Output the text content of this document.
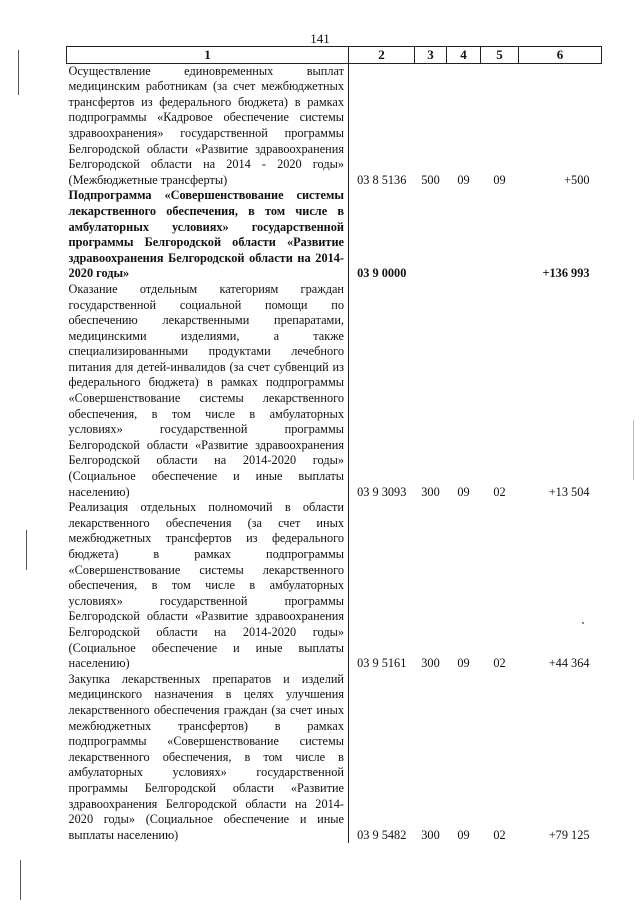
141
1	2	3	4	5	6
Осуществление единовременных выплат медицинским работникам (за счет межбюджетных трансфертов из федерального бюджета) в рамках подпрограммы «Кадровое обеспечение системы здравоохранения» государственной программы Белгородской области «Развитие здравоохранения Белгородской области на 2014 - 2020 годы» (Межбюджетные трансферты)	03 8 5136	500	09	09	+500
Подпрограмма «Совершенствование системы лекарственного обеспечения, в том числе в амбулаторных условиях» государственной программы Белгородской области «Развитие здравоохранения Белгородской области на 2014-2020 годы»	03 9 0000				+136 993
Оказание отдельным категориям граждан государственной социальной помощи по обеспечению лекарственными препаратами, медицинскими изделиями, а также специализированными продуктами лечебного питания для детей-инвалидов (за счет субвенций из федерального бюджета) в рамках подпрограммы «Совершенствование системы лекарственного обеспечения, в том числе в амбулаторных условиях» государственной программы Белгородской области «Развитие здравоохранения Белгородской области на 2014-2020 годы» (Социальное обеспечение и иные выплаты населению)	03 9 3093	300	09	02	+13 504
Реализация отдельных полномочий в области лекарственного обеспечения (за счет иных межбюджетных трансфертов из федерального бюджета) в рамках подпрограммы «Совершенствование системы лекарственного обеспечения, в том числе в амбулаторных условиях» государственной программы Белгородской области «Развитие здравоохранения Белгородской области на 2014-2020 годы» (Социальное обеспечение и иные выплаты населению)	03 9 5161	300	09	02	+44 364
Закупка лекарственных препаратов и изделий медицинского назначения в целях улучшения лекарственного обеспечения граждан (за счет иных межбюджетных трансфертов) в рамках подпрограммы «Совершенствование системы лекарственного обеспечения, в том числе в амбулаторных условиях» государственной программы Белгородской области «Развитие здравоохранения Белгородской области на 2014-2020 годы» (Социальное обеспечение и иные выплаты населению)	03 9 5482	300	09	02	+79 125
